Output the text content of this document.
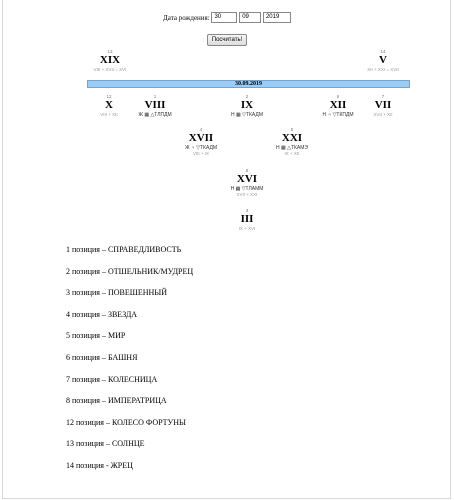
Дата рождения: 30	09	2019
Посчитать!
13
XIX
VIII + XVII = XVI
14
V
XII + XXI = XVII
30.09.2019
12
X
VIII + XII
1
VIII
Ж ▦ △ТЛПДМ
2
IX
Н ▦ ▽ТКАДМ
6
XII
Н ♃ ▽ТКПДМ
7
VII
XVII + XII
4
XVII
Ж ♃ ▽ТКАДМ
VIII + IX
5
XXI
Н ▦ △ТКАМЭ
IX + XII
8
XVI
Н ▦ ▽ТЛАММ
XVII + XXI
3
III
IX + XVI
1 позиция – СПРАВЕДЛИВОСТЬ
2 позиция – ОТШЕЛЬНИК/МУДРЕЦ
3 позиция – ПОВЕШЕННЫЙ
4 позиция – ЗВЕЗДА
5 позиция – МИР
6 позиция – БАШНЯ
7 позиция – КОЛЕСНИЦА
8 позиция – ИМПЕРАТРИЦА
12 позиция – КОЛЕСО ФОРТУНЫ
13 позиция – СОЛНЦЕ
14 позиция - ЖРЕЦ
